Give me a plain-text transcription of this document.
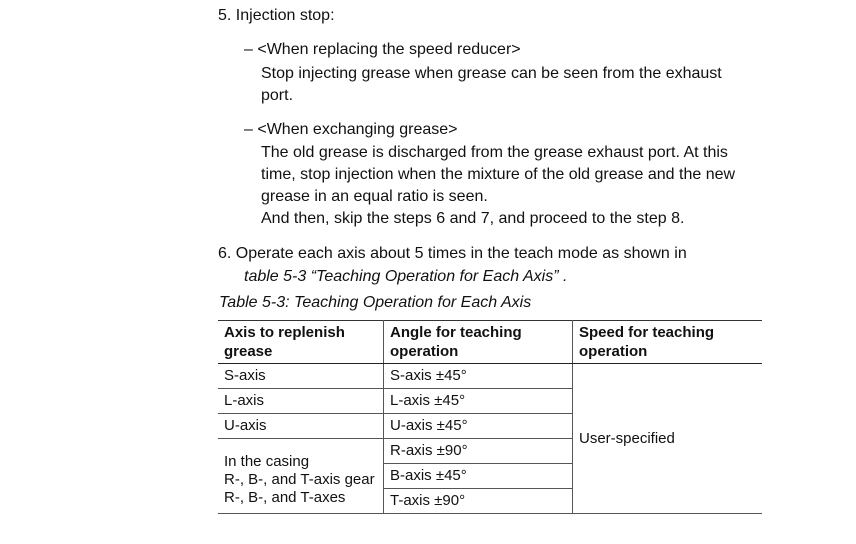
5. Injection stop:
– <When replacing the speed reducer>
Stop injecting grease when grease can be seen from the exhaust
port.
– <When exchanging grease>
The old grease is discharged from the grease exhaust port. At this
time, stop injection when the mixture of the old grease and the new
grease in an equal ratio is seen.
And then, skip the steps 6 and 7, and proceed to the step 8.
6. Operate each axis about 5 times in the teach mode as shown in
table 5-3 “Teaching Operation for Each Axis” .
Table 5-3: Teaching Operation for Each Axis
Axis to replenish
grease	Angle for teaching
operation	Speed for teaching
operation
S-axis	S-axis ±45°	User-specified
L-axis	L-axis ±45°	
U-axis	U-axis ±45°	
In the casing
R-, B-, and T-axis gear
R-, B-, and T-axes	R-axis ±90°	
	B-axis ±45°	
	T-axis ±90°	
